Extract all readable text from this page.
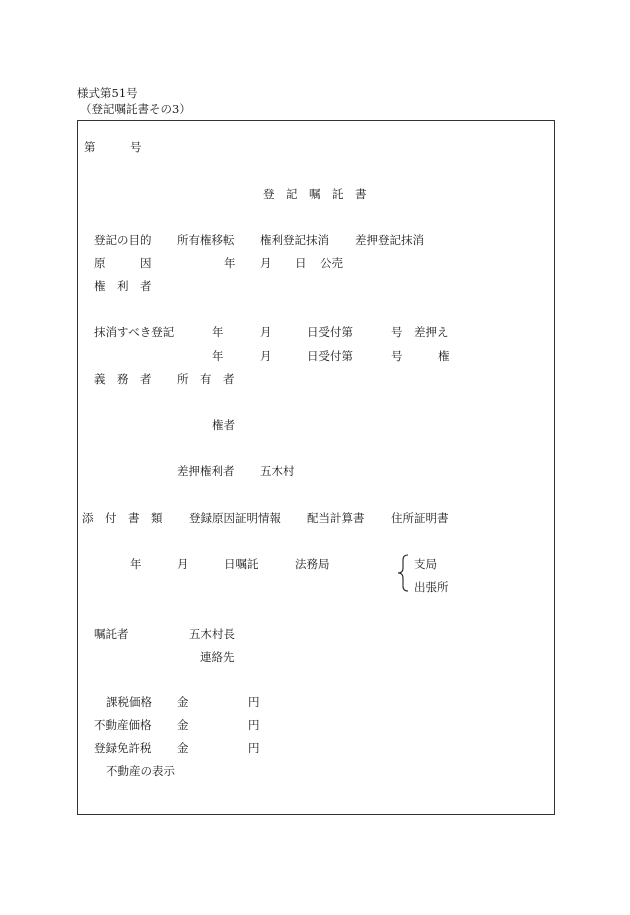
様式第51号
（登記嘱託書その3）
第	号
登　記　嘱　託　書
登記の目的 所有権移転 権利登記抹消 差押登記抹消
原　　　因	年 月 日 公売
権　利　者
抹消すべき登記	年	月	日受付第	号 差押え
年	月	日受付第	号	権
義　務　者 所　有　者
権者
差押権利者 五木村
添　付　書　類 登録原因証明情報 配当計算書 住所証明書
年	月	日嘱託	法務局	支局
出張所
嘱託者	五木村長
連絡先
課税価格 金	円
不動産価格 金	円
登録免許税 金	円
不動産の表示
